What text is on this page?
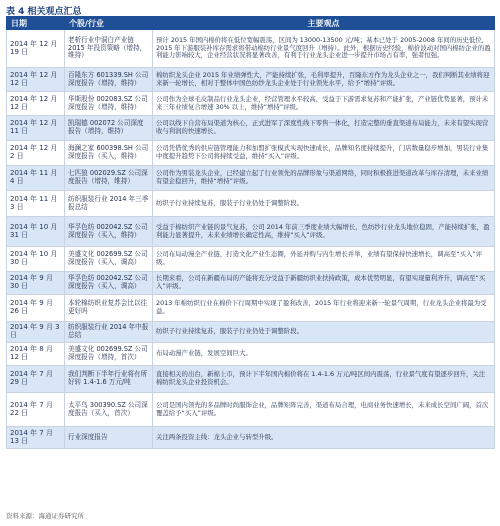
表 4 相关观点汇总
日期	个股/行业	主要观点
2014 年 12 月 19 日	老析行业中洞白产业链 2015 年投资策略（增持，维持）	预计 2015 年国内棉价将在低位宽幅震荡，区间为 13000-13500 元/吨；基本已处于 2005-2008 年间的历史低位，2015 年下游服装补库存需求将带动棉纺行业景气度回升（增持）。此外，根据历史经验，棉价波动对国内棉纺企业的盈利能力影响较大，企业经营状况将显著改善，有利于行业龙头企业进一步提升市场占有率，强者恒强。
2014 年 12 月 12 日	百隆东方 601339.SH 公司深度报告（增持，维持）	棉纺织龙头企业 2015 年业绩弹性大，产能持续扩张，毛利率提升，百隆东方作为龙头企业之一，我们判断其业绩将迎来新一轮增长，相对于整体中国色纺纱龙头企业处于行业领先水平，给予“增持”评级。
2014 年 12 月 12 日	华斯股份 002083.SZ 公司深度报告（增持，维持）	公司作为全球毛皮制品行业龙头企业，经营管理水平较高，受益于下游需求复苏和产能扩张，产业链优势显著，预计未来三年业绩复合增速 30% 以上，维持“增持”评级。
2014 年 12 月 11 日	凯瑞德 002072 公司深度报告（增持，维持）	公司以线下自营布局渠道为核心，正式进军了深度性线下零售一体化，打造完整的垂直渠道布局能力，未来有望实现营收与利润的快速增长。
2014 年 12 月 2 日	海澜之家 600398.SH 公司深度报告（买入，维持）	公司凭借优秀的供应链管理能力和加盟扩张模式实现快速成长，品牌知名度持续提升，门店数量稳步增加，男装行业集中度提升趋势下公司将持续受益，维持“买入”评级。
2014 年 11 月 4 日	七匹狼 002029.SZ 公司深度报告（增持，维持）	公司作为男装龙头企业，已经建立起了行业领先的品牌形象与渠道网络，同时积极推进渠道改革与库存清理，未来业绩有望企稳回升，维持“增持”评级。
2014 年 11 月 3 日	纺织服装行业 2014 年三季报总结	纺织子行业持续复苏，服装子行业仍处于调整阶段。
2014 年 10 月 31 日	华孚色纺 002042.SZ 公司深度报告（买入，维持）	受益于棉纺织产业链的景气复苏，公司 2014 年前三季度业绩大幅增长，色纺纱行业龙头地位稳固，产能持续扩张，盈利能力显著提升，未来业绩增长确定性高，维持“买入”评级。
2014 年 10 月 30 日	美盛文化 002699.SZ 公司深度报告（买入，调高）	公司布局动漫全产业链，打造文化产业生态圈，外延并购与内生增长并举，业绩有望保持快速增长，调高至“买入”评级。
2014 年 9 月 30 日	华孚色纺 002042.SZ 公司深度报告（买入，调高）	长期来看，公司在新疆布局的产能将充分受益于新疆纺织业扶持政策，成本优势明显，有望实现量利齐升，调高至“买入”评级。
2014 年 9 月 26 日	本轮棉纺织业复苏会比以往更好吗	2013 年棉纺织行业在棉价下行周期中实现了盈利改善，2015 年行业将迎来新一轮景气周期，行业龙头企业将最为受益。
2014 年 9 月 3 日	纺织服装行业 2014 年中报总结	纺织子行业持续复苏，服装子行业仍处于调整阶段。
2014 年 8 月 12 日	美盛文化 002699.SZ 公司深度报告（增持，首次）	布局动漫产业链，发展空间巨大。
2014 年 7 月 29 日	我们判断下半年行业将有所好转 1.4-1.6 万元/吨	直接相关的出台，新棉上市，预计下半年国内棉价将在 1.4-1.6 万元/吨区间内震荡，行业景气度有望逐步回升，关注棉纺织龙头企业投资机会。
2014 年 7 月 22 日	太平鸟 300390.SZ 公司深度报告（买入，首次）	公司是国内领先的多品牌时尚服饰企业，品牌矩阵完善，渠道布局合理，电商业务快速增长，未来成长空间广阔，首次覆盖给予“买入”评级。
2014 年 7 月 13 日	行业深度报告	关注两条投资主线：龙头企业与转型升级。
资料来源：海通证券研究所
